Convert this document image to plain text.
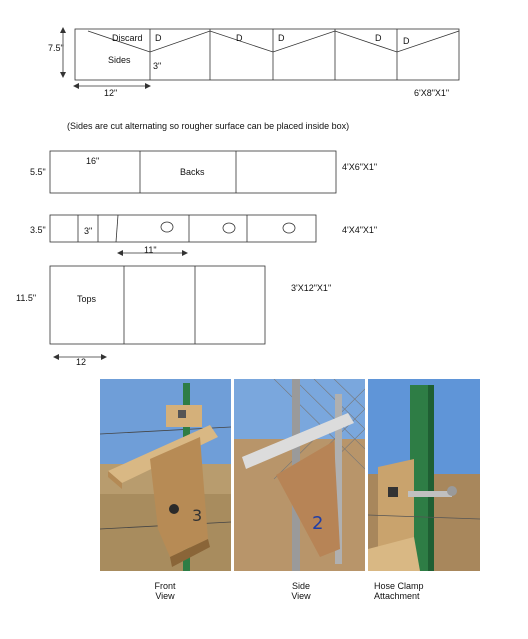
Discard
Sides
7.5"
12"
3"
D	D	D	D D
6'X8"X1"
(Sides are cut alternating so rougher surface can be placed inside box)
5.5"
16"
Backs	4'X6"X1"
3.5"	3"
11"
4'X4"X1"
11.5"	Tops
12
3'X12"X1"
3	2
Front
View
Side
View
Hose Clamp
Attachment
